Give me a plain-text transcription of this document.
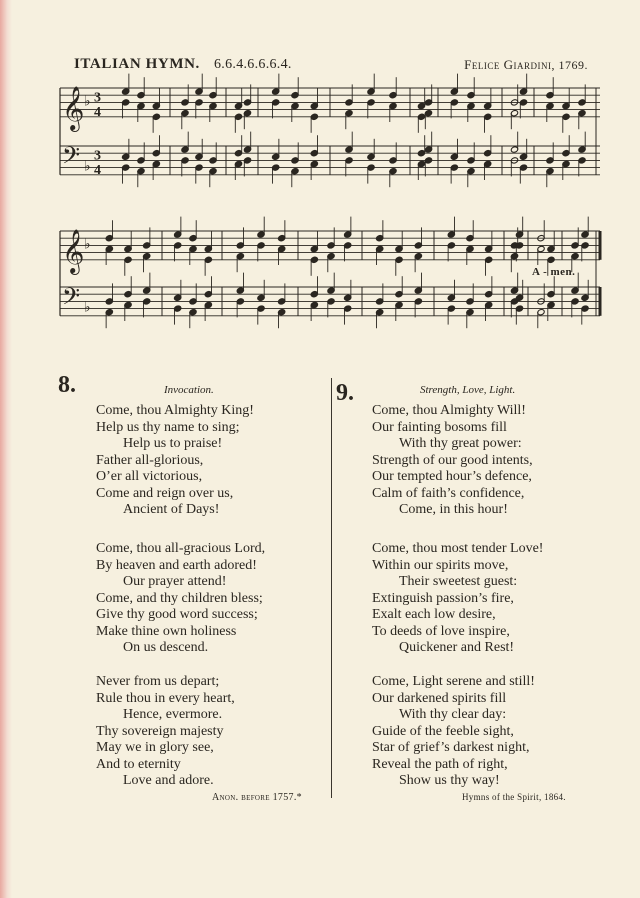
ITALIAN HYMN. 6.6.4.6.6.6.4.	Felice Giardini, 1769.
𝄞
𝄢
♭
♭
3
3
4
4
𝄞
𝄢
♭
♭
A - men.
8.	Invocation.
Come, thou Almighty King!
Help us thy name to sing;
Help us to praise!
Father all-glorious,
O’er all victorious,
Come and reign over us,
Ancient of Days!
Come, thou all-gracious Lord,
By heaven and earth adored!
Our prayer attend!
Come, and thy children bless;
Give thy good word success;
Make thine own holiness
On us descend.
Never from us depart;
Rule thou in every heart,
Hence, evermore.
Thy sovereign majesty
May we in glory see,
And to eternity
Love and adore.
Anon. before 1757.*
9.	Strength, Love, Light.
Come, thou Almighty Will!
Our fainting bosoms fill
With thy great power:
Strength of our good intents,
Our tempted hour’s defence,
Calm of faith’s confidence,
Come, in this hour!
Come, thou most tender Love!
Within our spirits move,
Their sweetest guest:
Extinguish passion’s fire,
Exalt each low desire,
To deeds of love inspire,
Quickener and Rest!
Come, Light serene and still!
Our darkened spirits fill
With thy clear day:
Guide of the feeble sight,
Star of grief’s darkest night,
Reveal the path of right,
Show us thy way!
Hymns of the Spirit, 1864.
